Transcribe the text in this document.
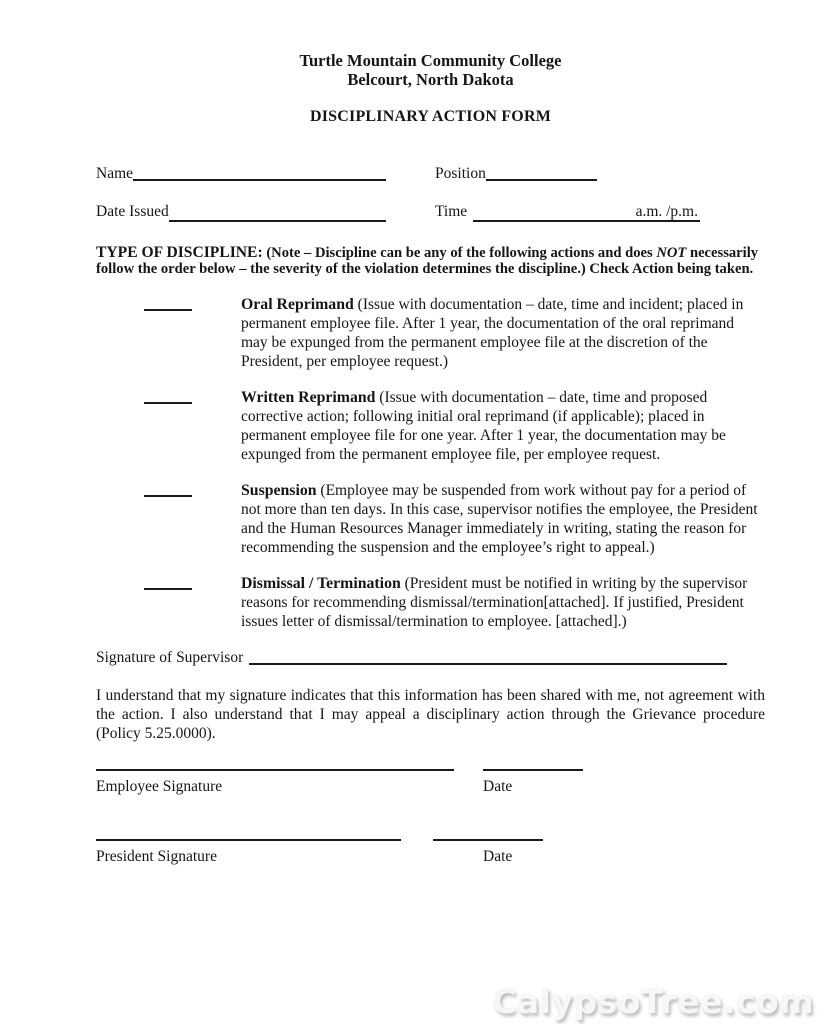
Turtle Mountain Community College
Belcourt, North Dakota
DISCIPLINARY ACTION FORM
Name	Position
Date Issued	Time	a.m. /p.m.
TYPE OF DISCIPLINE: (Note – Discipline can be any of the following actions and does NOT necessarily follow the order below – the severity of the violation determines the discipline.) Check Action being taken.
Oral Reprimand (Issue with documentation – date, time and incident; placed in permanent employee file. After 1 year, the documentation of the oral reprimand may be expunged from the permanent employee file at the discretion of the President, per employee request.)
Written Reprimand (Issue with documentation – date, time and proposed corrective action; following initial oral reprimand (if applicable); placed in permanent employee file for one year. After 1 year, the documentation may be expunged from the permanent employee file, per employee request.
Suspension (Employee may be suspended from work without pay for a period of not more than ten days. In this case, supervisor notifies the employee, the President and the Human Resources Manager immediately in writing, stating the reason for recommending the suspension and the employee’s right to appeal.)
Dismissal / Termination (President must be notified in writing by the supervisor reasons for recommending dismissal/termination[attached]. If justified, President issues letter of dismissal/termination to employee. [attached].)
Signature of Supervisor
I understand that my signature indicates that this information has been shared with me, not agreement with the action. I also understand that I may appeal a disciplinary action through the Grievance procedure (Policy 5.25.0000).
Employee Signature	Date
President Signature	Date
CalypsoTree.com
